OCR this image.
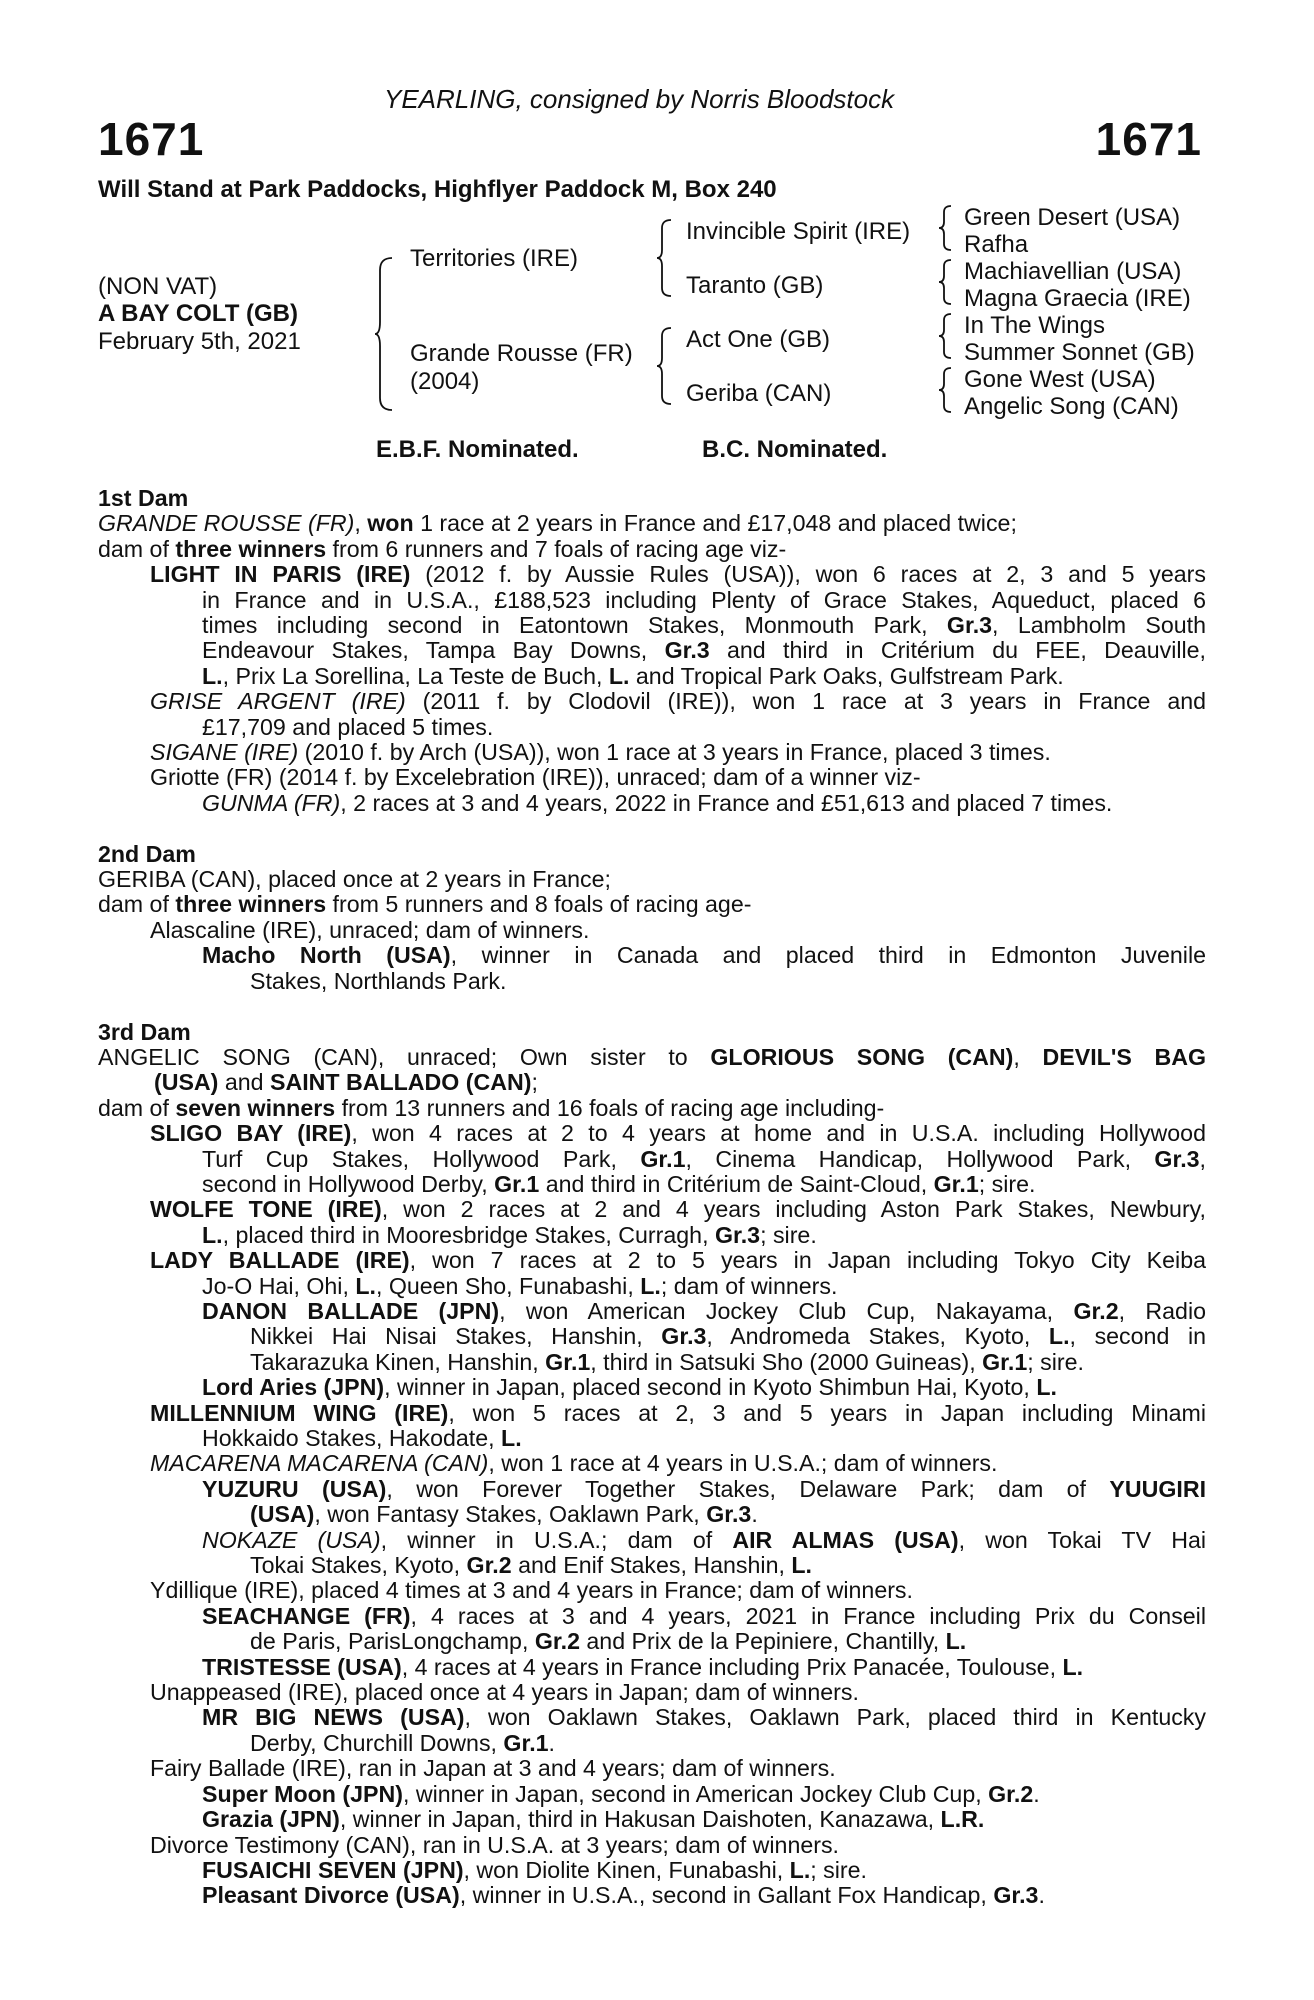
YEARLING, consigned by Norris Bloodstock
1671	1671
Will Stand at Park Paddocks, Highflyer Paddock M, Box 240
(NON VAT)
A BAY COLT (GB)
February 5th, 2021
Territories (IRE)
Grande Rousse (FR)
(2004)
Invincible Spirit (IRE)
Taranto (GB)
Act One (GB)
Geriba (CAN)
Green Desert (USA)
Rafha
Machiavellian (USA)
Magna Graecia (IRE)
In The Wings
Summer Sonnet (GB)
Gone West (USA)
Angelic Song (CAN)
E.B.F. Nominated.	B.C. Nominated.
1st Dam
GRANDE ROUSSE (FR), won 1 race at 2 years in France and £17,048 and placed twice;
dam of three winners from 6 runners and 7 foals of racing age viz-
LIGHT IN PARIS (IRE) (2012 f. by Aussie Rules (USA)), won 6 races at 2, 3 and 5 years
in France and in U.S.A., £188,523 including Plenty of Grace Stakes, Aqueduct, placed 6
times including second in Eatontown Stakes, Monmouth Park, Gr.3, Lambholm South
Endeavour Stakes, Tampa Bay Downs, Gr.3 and third in Critérium du FEE, Deauville,
L., Prix La Sorellina, La Teste de Buch, L. and Tropical Park Oaks, Gulfstream Park.
GRISE ARGENT (IRE) (2011 f. by Clodovil (IRE)), won 1 race at 3 years in France and
£17,709 and placed 5 times.
SIGANE (IRE) (2010 f. by Arch (USA)), won 1 race at 3 years in France, placed 3 times.
Griotte (FR) (2014 f. by Excelebration (IRE)), unraced; dam of a winner viz-
GUNMA (FR), 2 races at 3 and 4 years, 2022 in France and £51,613 and placed 7 times.
2nd Dam
GERIBA (CAN), placed once at 2 years in France;
dam of three winners from 5 runners and 8 foals of racing age-
Alascaline (IRE), unraced; dam of winners.
Macho North (USA), winner in Canada and placed third in Edmonton Juvenile
Stakes, Northlands Park.
3rd Dam
ANGELIC SONG (CAN), unraced; Own sister to GLORIOUS SONG (CAN), DEVIL'S BAG
(USA) and SAINT BALLADO (CAN);
dam of seven winners from 13 runners and 16 foals of racing age including-
SLIGO BAY (IRE), won 4 races at 2 to 4 years at home and in U.S.A. including Hollywood
Turf Cup Stakes, Hollywood Park, Gr.1, Cinema Handicap, Hollywood Park, Gr.3,
second in Hollywood Derby, Gr.1 and third in Critérium de Saint-Cloud, Gr.1; sire.
WOLFE TONE (IRE), won 2 races at 2 and 4 years including Aston Park Stakes, Newbury,
L., placed third in Mooresbridge Stakes, Curragh, Gr.3; sire.
LADY BALLADE (IRE), won 7 races at 2 to 5 years in Japan including Tokyo City Keiba
Jo-O Hai, Ohi, L., Queen Sho, Funabashi, L.; dam of winners.
DANON BALLADE (JPN), won American Jockey Club Cup, Nakayama, Gr.2, Radio
Nikkei Hai Nisai Stakes, Hanshin, Gr.3, Andromeda Stakes, Kyoto, L., second in
Takarazuka Kinen, Hanshin, Gr.1, third in Satsuki Sho (2000 Guineas), Gr.1; sire.
Lord Aries (JPN), winner in Japan, placed second in Kyoto Shimbun Hai, Kyoto, L.
MILLENNIUM WING (IRE), won 5 races at 2, 3 and 5 years in Japan including Minami
Hokkaido Stakes, Hakodate, L.
MACARENA MACARENA (CAN), won 1 race at 4 years in U.S.A.; dam of winners.
YUZURU (USA), won Forever Together Stakes, Delaware Park; dam of YUUGIRI
(USA), won Fantasy Stakes, Oaklawn Park, Gr.3.
NOKAZE (USA), winner in U.S.A.; dam of AIR ALMAS (USA), won Tokai TV Hai
Tokai Stakes, Kyoto, Gr.2 and Enif Stakes, Hanshin, L.
Ydillique (IRE), placed 4 times at 3 and 4 years in France; dam of winners.
SEACHANGE (FR), 4 races at 3 and 4 years, 2021 in France including Prix du Conseil
de Paris, ParisLongchamp, Gr.2 and Prix de la Pepiniere, Chantilly, L.
TRISTESSE (USA), 4 races at 4 years in France including Prix Panacée, Toulouse, L.
Unappeased (IRE), placed once at 4 years in Japan; dam of winners.
MR BIG NEWS (USA), won Oaklawn Stakes, Oaklawn Park, placed third in Kentucky
Derby, Churchill Downs, Gr.1.
Fairy Ballade (IRE), ran in Japan at 3 and 4 years; dam of winners.
Super Moon (JPN), winner in Japan, second in American Jockey Club Cup, Gr.2.
Grazia (JPN), winner in Japan, third in Hakusan Daishoten, Kanazawa, L.R.
Divorce Testimony (CAN), ran in U.S.A. at 3 years; dam of winners.
FUSAICHI SEVEN (JPN), won Diolite Kinen, Funabashi, L.; sire.
Pleasant Divorce (USA), winner in U.S.A., second in Gallant Fox Handicap, Gr.3.
